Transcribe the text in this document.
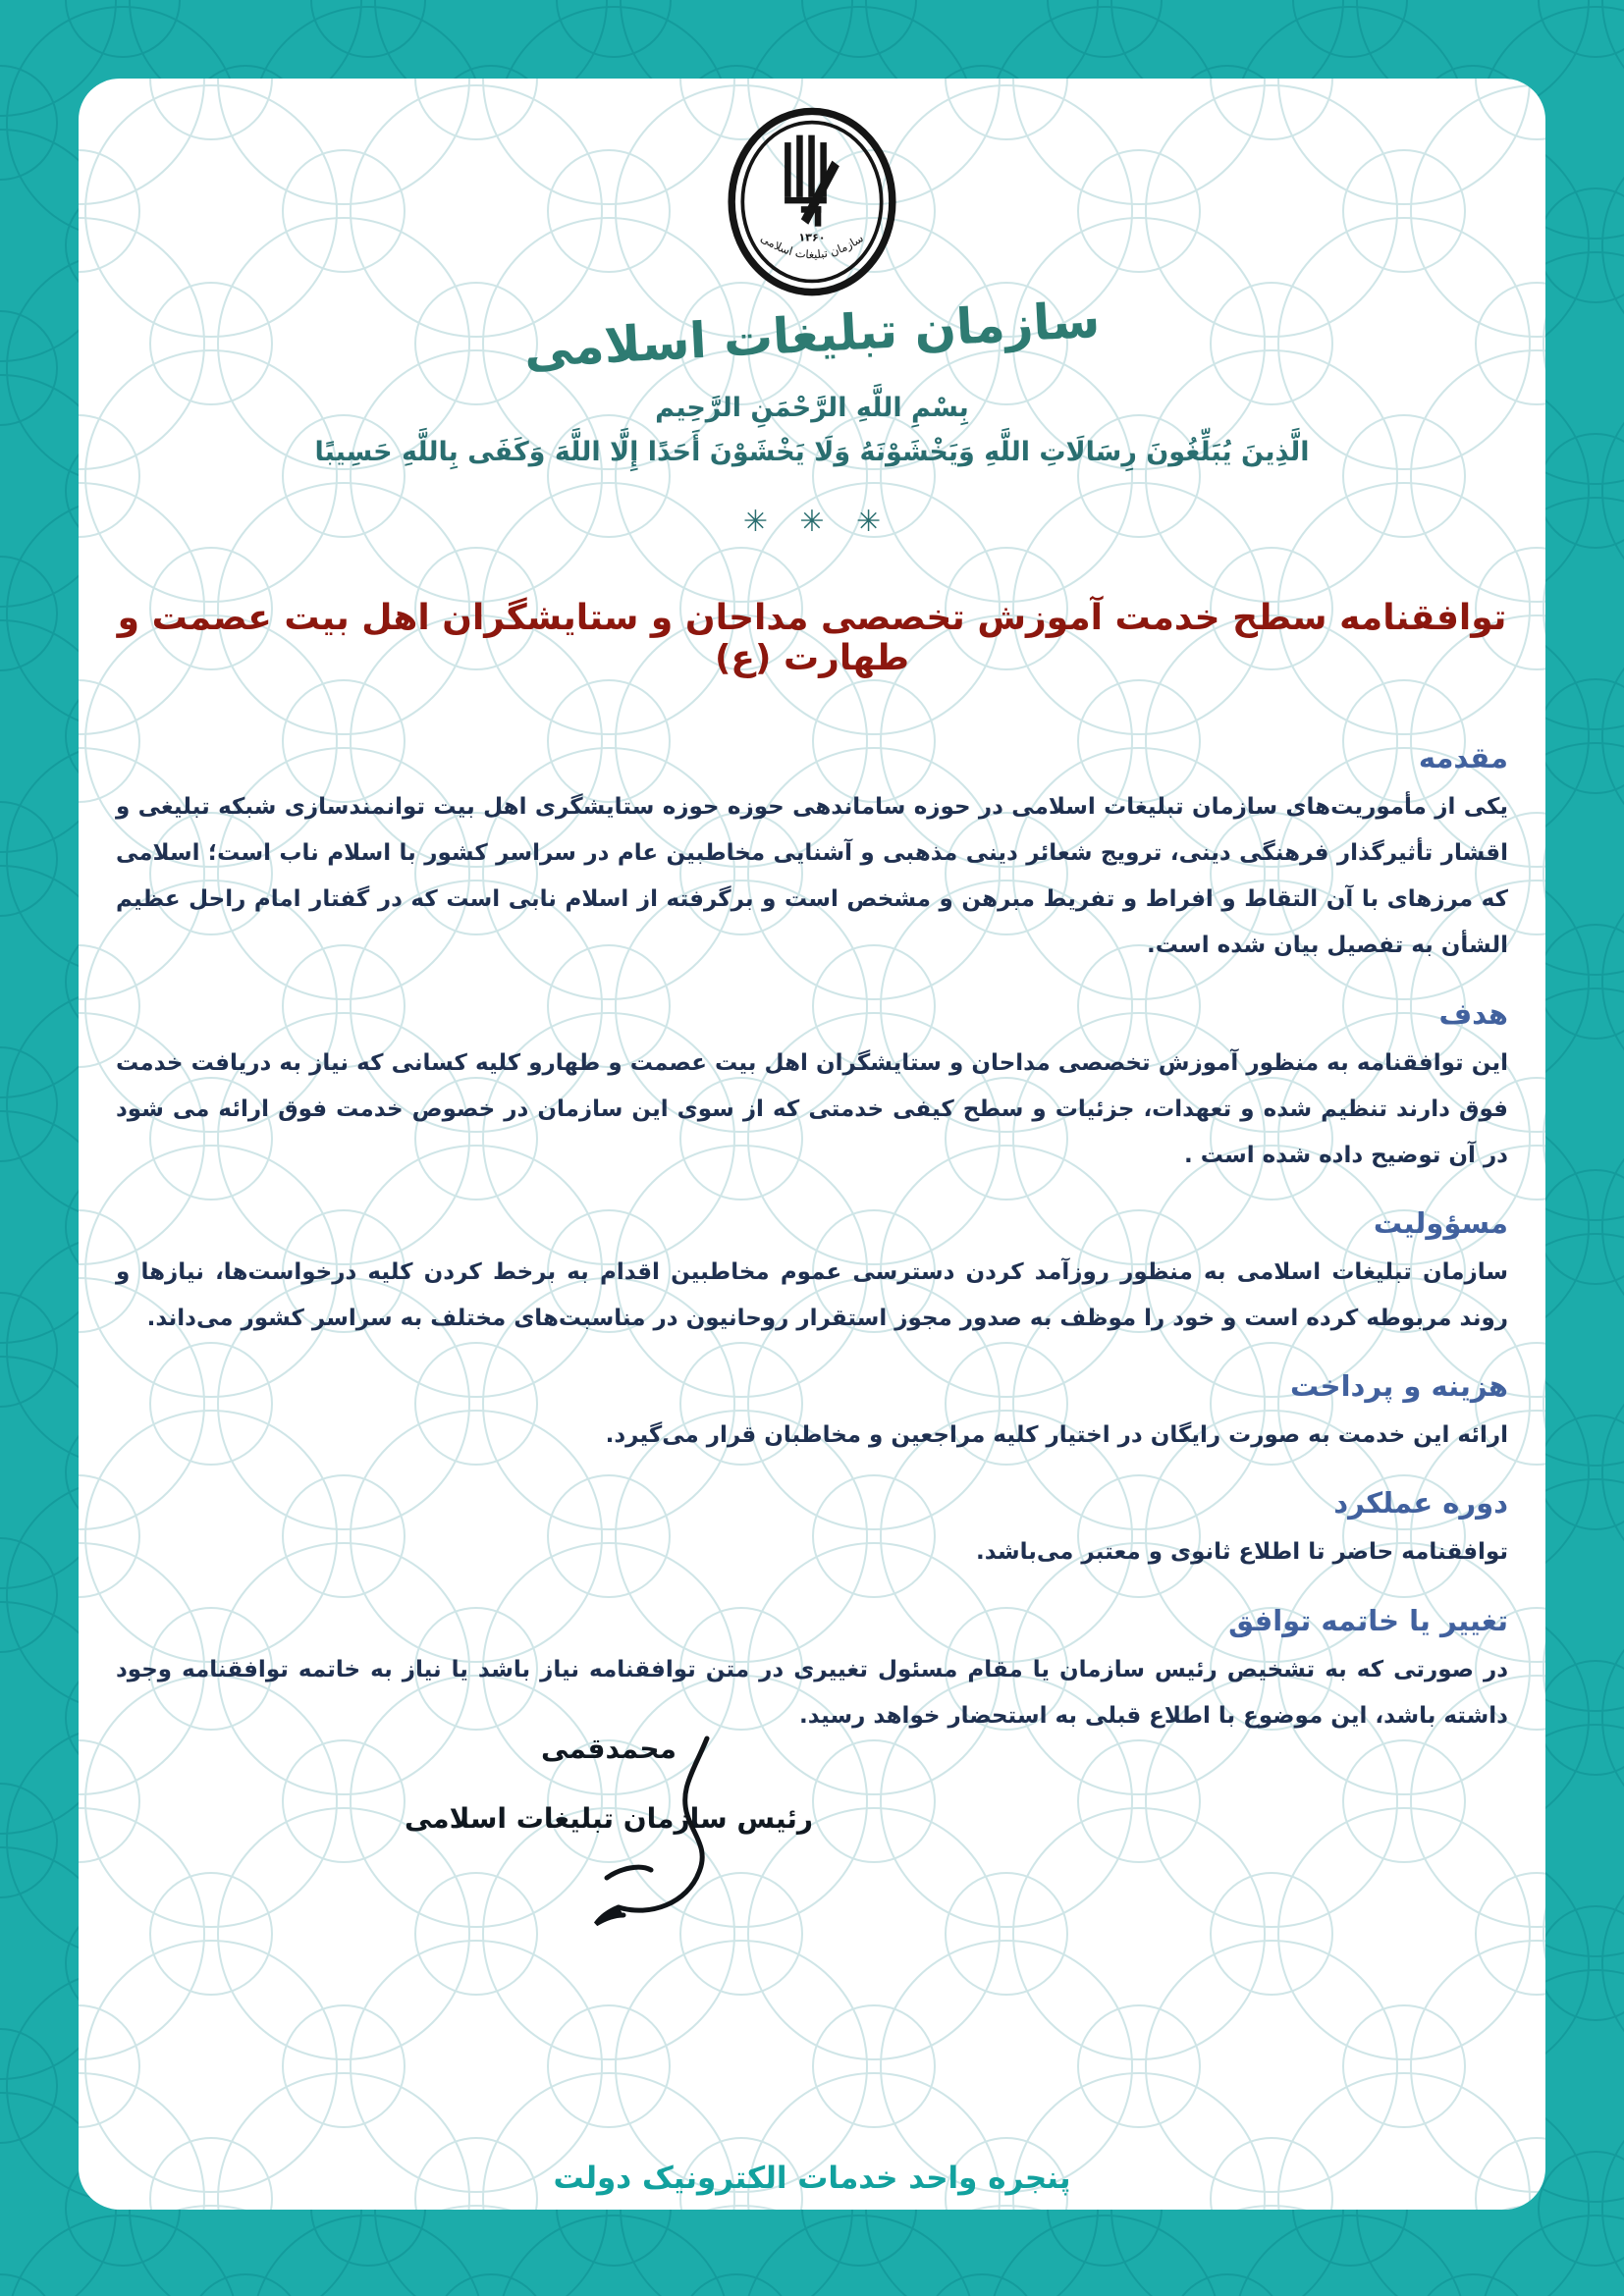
۱۳۶۰
سازمان تبلیغات اسلامی
سازمان تبلیغات اسلامی
بِسْمِ اللَّهِ الرَّحْمَنِ الرَّحِیم
الَّذِینَ یُبَلِّغُونَ رِسَالَاتِ اللَّهِ وَیَخْشَوْنَهُ وَلَا یَخْشَوْنَ أَحَدًا إِلَّا اللَّهَ وَکَفَی بِاللَّهِ حَسِیبًا
✳ ✳ ✳
توافقنامه سطح خدمت آموزش تخصصی مداحان و ستایشگران اهل بیت عصمت و طهارت (ع)
مقدمه

یکی از مأموریت‌های سازمان تبلیغات اسلامی در حوزه ساماندهی حوزه حوزه ستایشگری اهل بیت توانمندسازی شبکه تبلیغی و اقشار تأثیرگذار فرهنگی دینی، ترویج شعائر دینی مذهبی و آشنایی مخاطبین عام در سراسر کشور با اسلام ناب است؛ اسلامی که مرزهای با آن التقاط و افراط و تفریط مبرهن و مشخص است و برگرفته از اسلام نابی است که در گفتار امام راحل عظیم الشأن به تفصیل بیان شده است.

هدف

این توافقنامه به منظور آموزش تخصصی مداحان و ستایشگران اهل بیت عصمت و طهارو کلیه کسانی که نیاز به دریافت خدمت فوق دارند تنظیم شده و تعهدات، جزئیات و سطح کیفی خدمتی که از سوی این سازمان در خصوص خدمت فوق ارائه می شود در آن توضیح داده شده است .

مسؤولیت

سازمان تبلیغات اسلامی به منظور روزآمد کردن دسترسی عموم مخاطبین اقدام به برخط کردن کلیه درخواست‌ها، نیازها و روند مربوطه کرده است و خود را موظف به صدور مجوز استقرار روحانیون در مناسبت‌های مختلف به سراسر کشور می‌داند.

هزینه و پرداخت

ارائه این خدمت به صورت رایگان در اختیار کلیه مراجعین و مخاطبان قرار می‌گیرد.

دوره عملکرد

توافقنامه حاضر تا اطلاع ثانوی و معتبر می‌باشد.

تغییر یا خاتمه توافق

در صورتی که به تشخیص رئیس سازمان یا مقام مسئول تغییری در متن توافقنامه نیاز باشد یا نیاز به خاتمه توافقنامه وجود داشته باشد، این موضوع با اطلاع قبلی به استحضار خواهد رسید.

محمدقمی
رئیس سازمان تبلیغات اسلامی
پنجره واحد خدمات الکترونیک دولت
